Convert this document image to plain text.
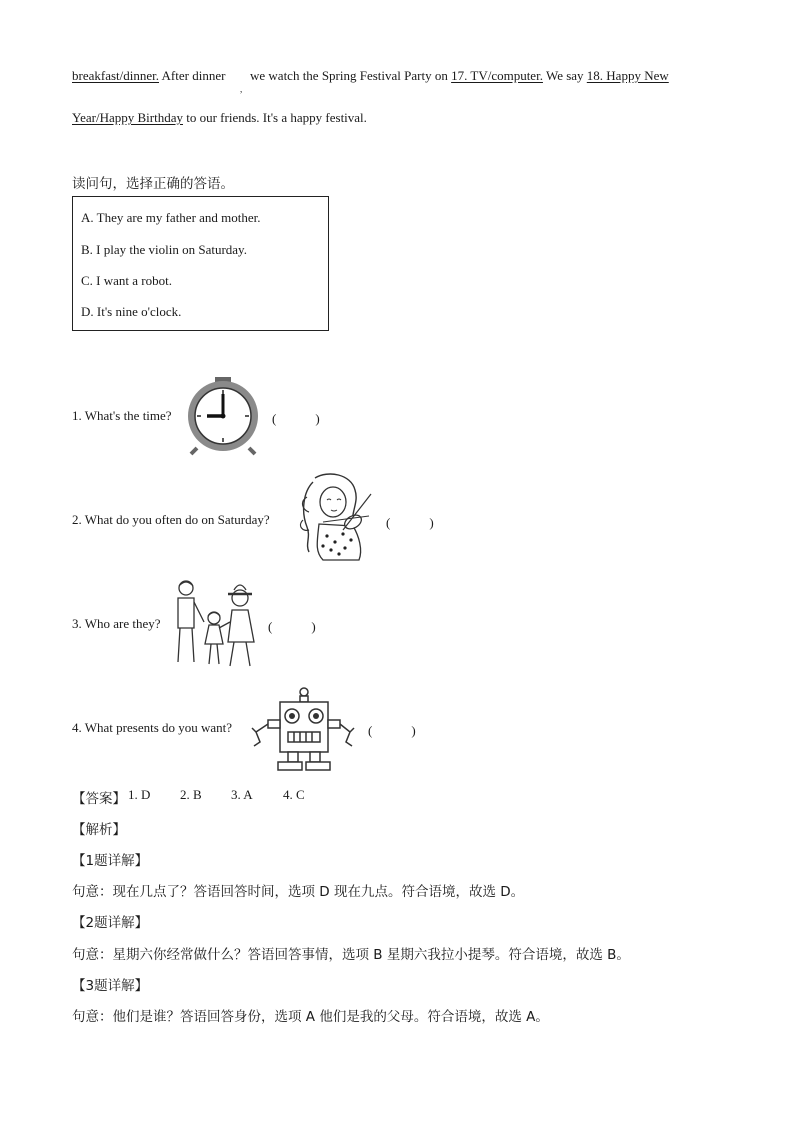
breakfast/dinner. After dinner
,
we watch the Spring Festival Party on 17. TV/computer. We say 18. Happy New
Year/Happy Birthday to our friends. It's a happy festival.
读问句，选择正确的答语。
A. They are my father and mother.
B. I play the violin on Saturday.
C. I want a robot.
D. It's nine o'clock.
1. What's the time?	(　　　)
2. What do you often do on Saturday?	(　　　)
3. Who are they?	(　　　)
4. What presents do you want?	(　　　)
【答案】 1. D 2. B 3. A 4. C
【解析】
【1题详解】
句意：现在几点了？答语回答时间，选项 D 现在九点。符合语境，故选 D。
【2题详解】
句意：星期六你经常做什么？答语回答事情，选项 B 星期六我拉小提琴。符合语境，故选 B。
【3题详解】
句意：他们是谁？答语回答身份，选项 A 他们是我的父母。符合语境，故选 A。
